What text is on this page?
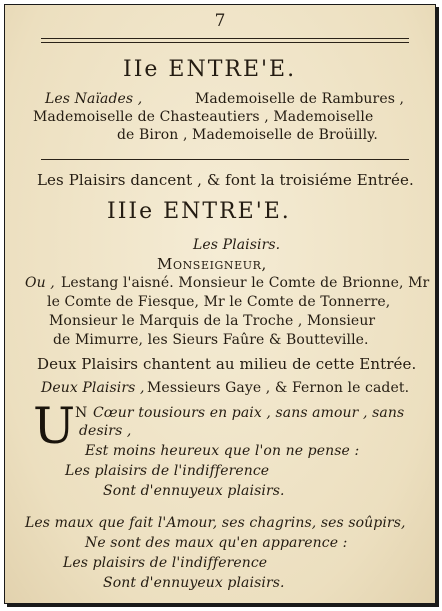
7
IIe ENTRE'E.
Les Naïades ,	Mademoiselle de Rambures ,
Mademoiselle de Chasteautiers , Mademoiselle
de Biron , Mademoiselle de Broüilly.
Les Plaisirs dancent , & font la troisiéme Entrée.
IIIe ENTRE'E.
Les Plaisirs.
Monseigneur,
Ou , Lestang l'aisné. Monsieur le Comte de Brionne, Mr
le Comte de Fiesque, Mr le Comte de Tonnerre,
Monsieur le Marquis de la Troche , Monsieur
de Mimurre, les Sieurs Faûre & Boutteville.
Deux Plaisirs chantent au milieu de cette Entrée.
Deux Plaisirs , Messieurs Gaye , & Fernon le cadet.
U N Cœur tousiours en paix , sans amour , sans
desirs ,
Est moins heureux que l'on ne pense :
Les plaisirs de l'indifference
Sont d'ennuyeux plaisirs.
Les maux que fait l'Amour, ses chagrins, ses soûpirs,
Ne sont des maux qu'en apparence :
Les plaisirs de l'indifference
Sont d'ennuyeux plaisirs.
